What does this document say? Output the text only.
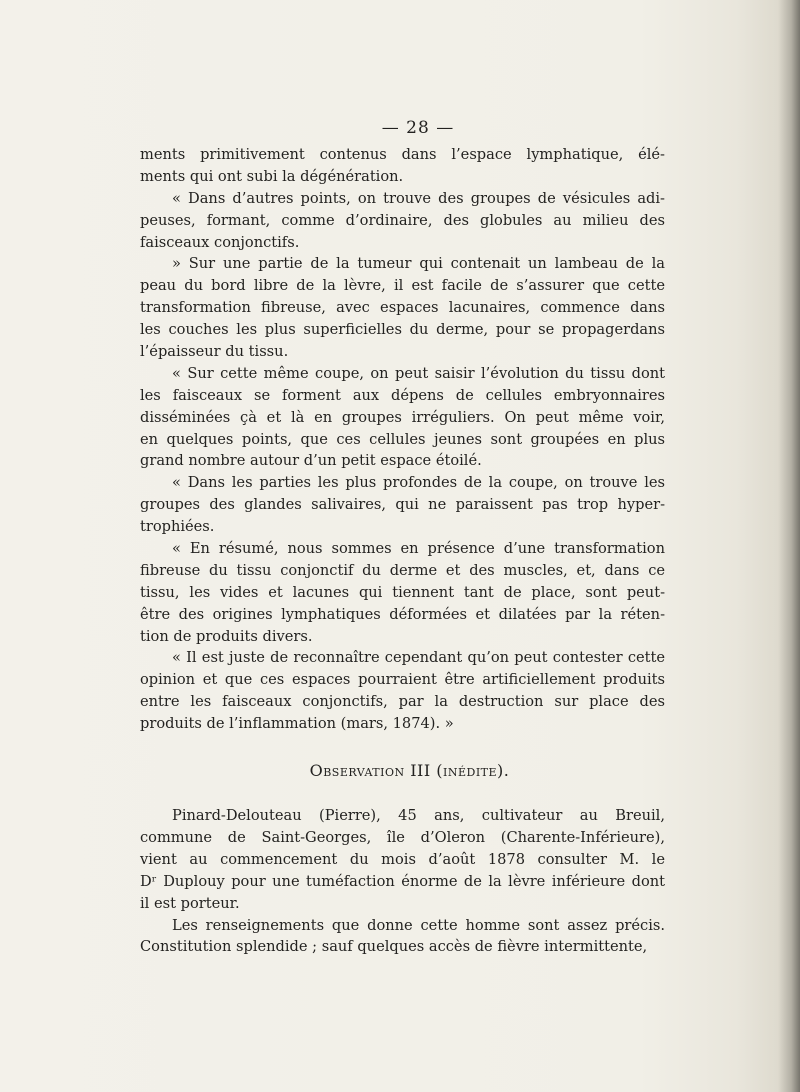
— 28 —
ments primitivement contenus dans l’espace lymphatique, élé-
ments qui ont subi la dégénération.
« Dans d’autres points, on trouve des groupes de vésicules adi-
peuses, formant, comme d’ordinaire, des globules au milieu des
faisceaux conjonctifs.
» Sur une partie de la tumeur qui contenait un lambeau de la
peau du bord libre de la lèvre, il est facile de s’assurer que cette
transformation fibreuse, avec espaces lacunaires, commence dans
les couches les plus superficielles du derme, pour se propagerdans
l’épaisseur du tissu.
« Sur cette même coupe, on peut saisir l’évolution du tissu dont
les faisceaux se forment aux dépens de cellules embryonnaires
disséminées çà et là en groupes irréguliers. On peut même voir,
en quelques points, que ces cellules jeunes sont groupées en plus
grand nombre autour d’un petit espace étoilé.
« Dans les parties les plus profondes de la coupe, on trouve les
groupes des glandes salivaires, qui ne paraissent pas trop hyper-
trophiées.
« En résumé, nous sommes en présence d’une transformation
fibreuse du tissu conjonctif du derme et des muscles, et, dans ce
tissu, les vides et lacunes qui tiennent tant de place, sont peut-
être des origines lymphatiques déformées et dilatées par la réten-
tion de produits divers.
« Il est juste de reconnaître cependant qu’on peut contester cette
opinion et que ces espaces pourraient être artificiellement produits
entre les faisceaux conjonctifs, par la destruction sur place des
produits de l’inflammation (mars, 1874). »
Observation III (inédite).
Pinard-Delouteau (Pierre), 45 ans, cultivateur au Breuil,
commune de Saint-Georges, île d’Oleron (Charente-Inférieure),
vient au commencement du mois d’août 1878 consulter M. le
Dʳ Duplouy pour une tuméfaction énorme de la lèvre inférieure dont
il est porteur.
Les renseignements que donne cette homme sont assez précis.
Constitution splendide ; sauf quelques accès de fièvre intermittente,
